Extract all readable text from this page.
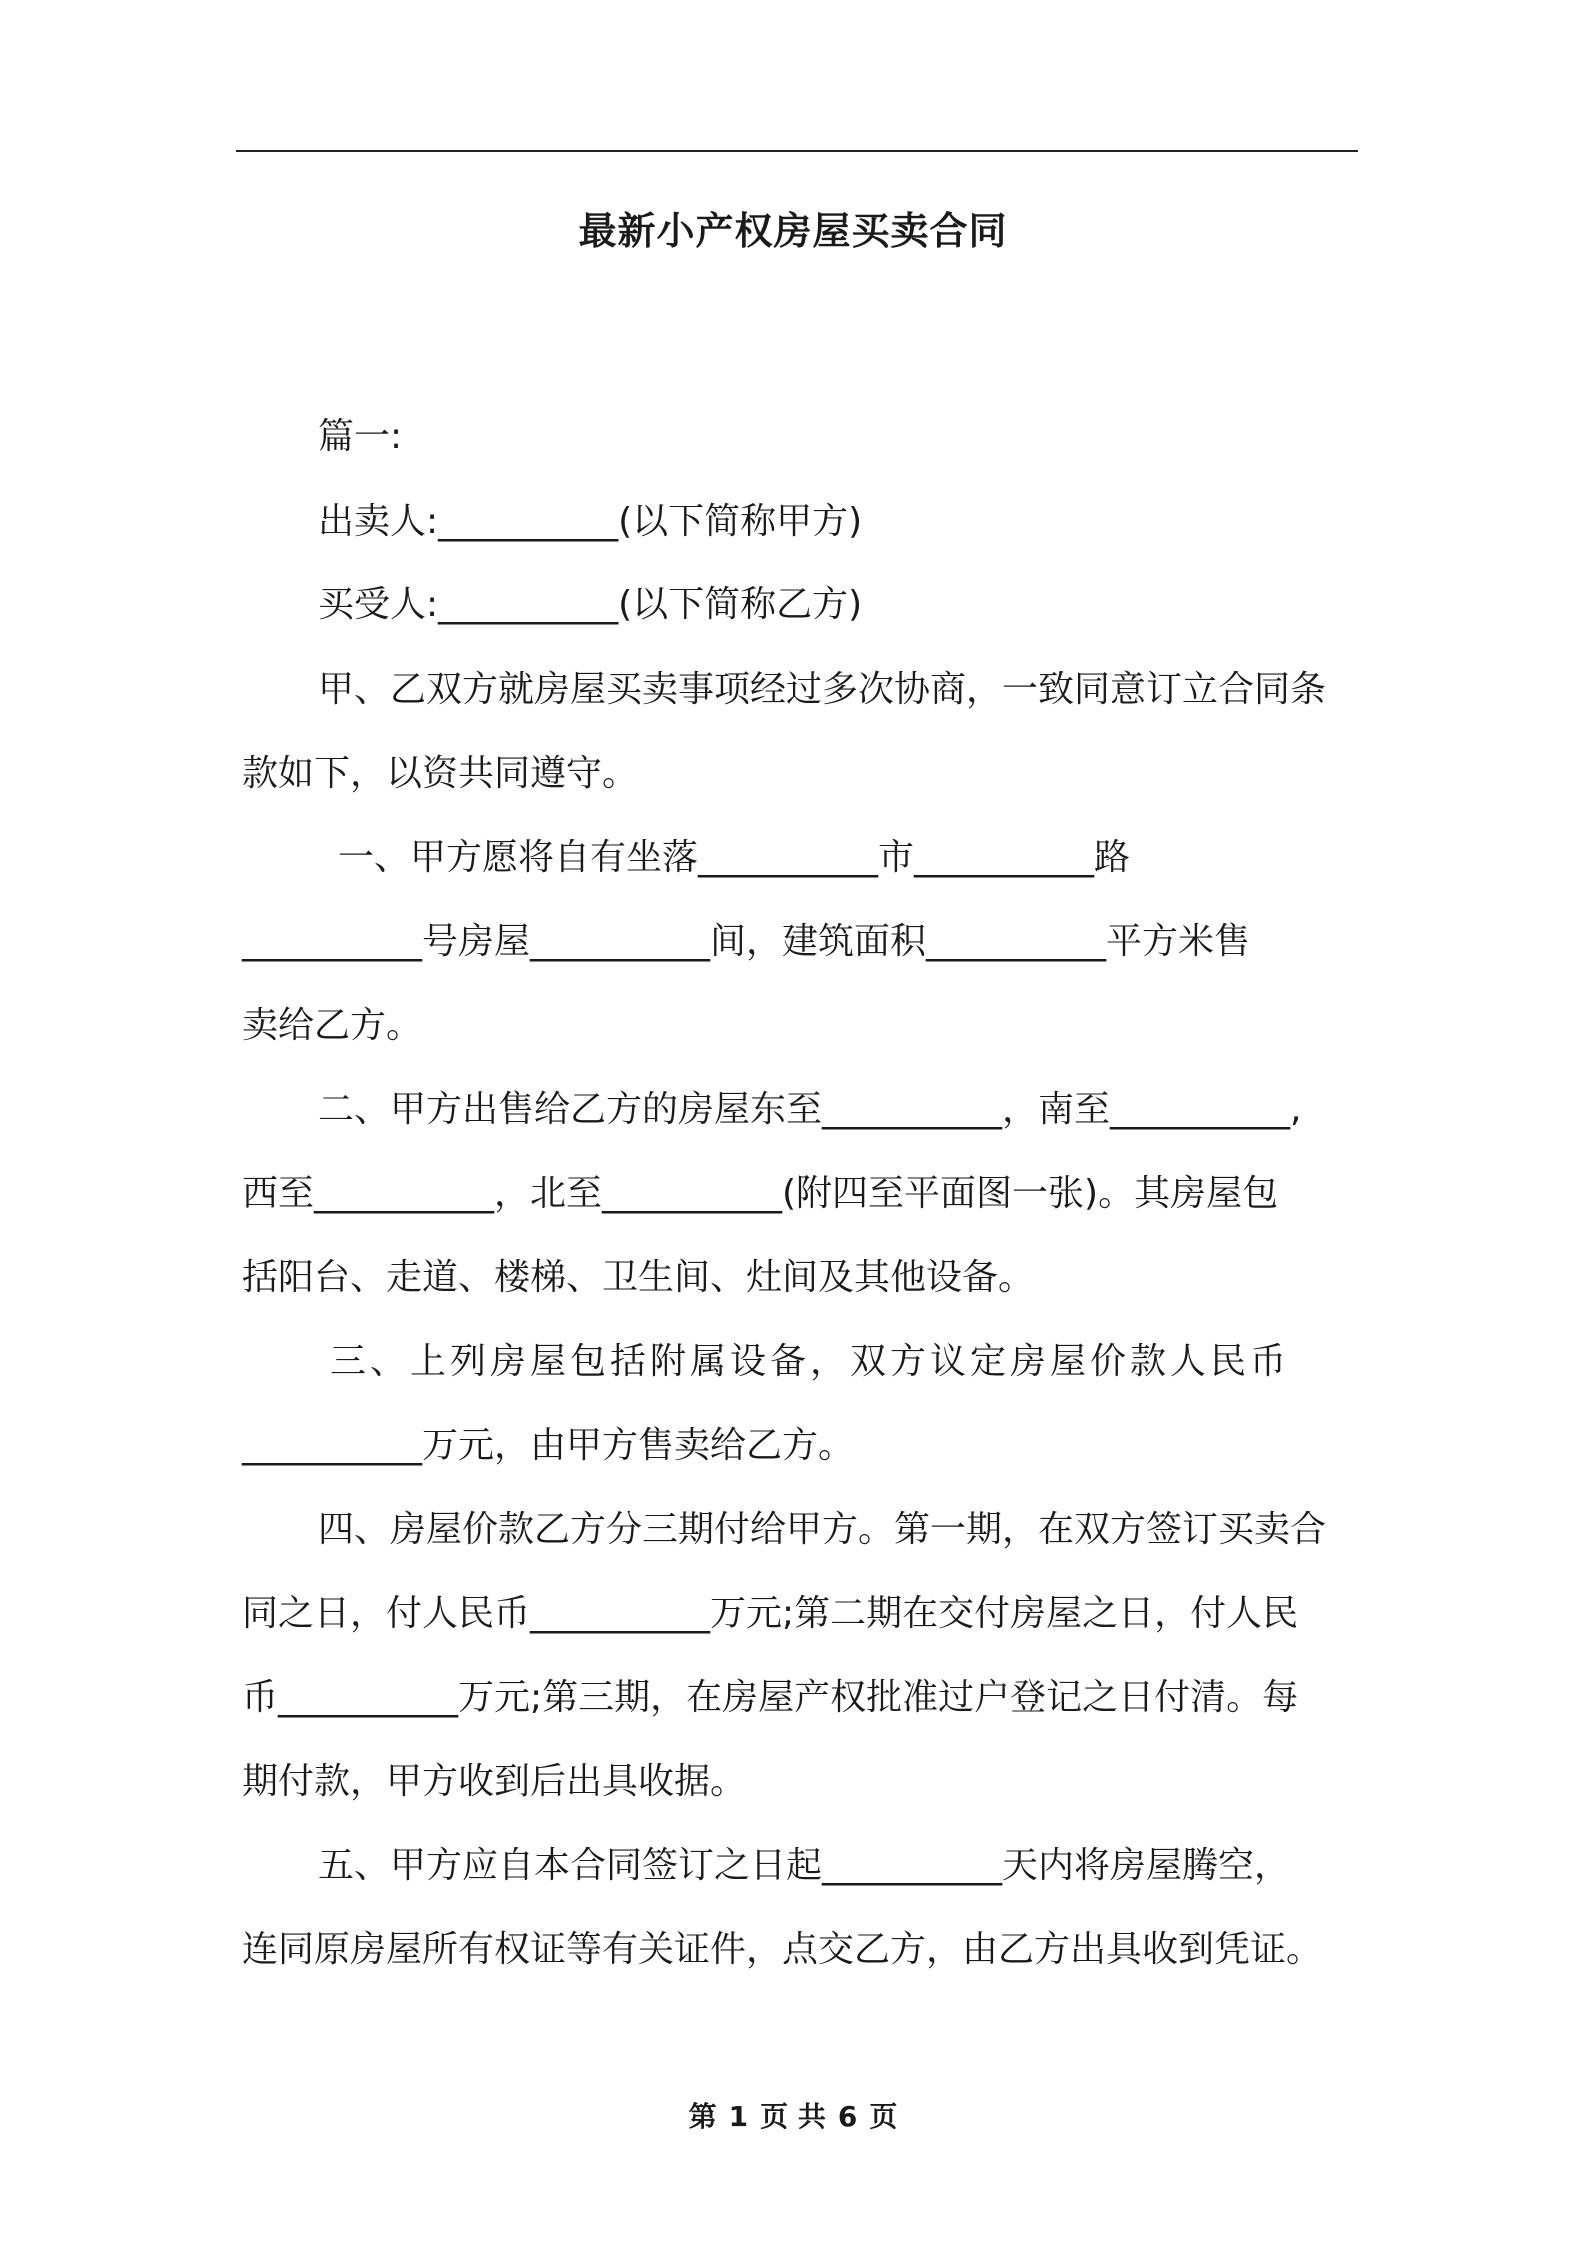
最新小产权房屋买卖合同
篇一:
出卖人:__________(以下简称甲方)
买受人:__________(以下简称乙方)
甲、乙双方就房屋买卖事项经过多次协商，一致同意订立合同条
款如下，以资共同遵守。
一、甲方愿将自有坐落__________市__________路
__________号房屋__________间，建筑面积__________平方米售
卖给乙方。
二、甲方出售给乙方的房屋东至__________，南至__________,
西至__________，北至__________(附四至平面图一张)。其房屋包
括阳台、走道、楼梯、卫生间、灶间及其他设备。
三、上列房屋包括附属设备，双方议定房屋价款人民币
__________万元，由甲方售卖给乙方。
四、房屋价款乙方分三期付给甲方。第一期，在双方签订买卖合
同之日，付人民币__________万元;第二期在交付房屋之日，付人民
币__________万元;第三期，在房屋产权批准过户登记之日付清。每
期付款，甲方收到后出具收据。
五、甲方应自本合同签订之日起__________天内将房屋腾空，
连同原房屋所有权证等有关证件，点交乙方，由乙方出具收到凭证。
第 1 页 共 6 页
